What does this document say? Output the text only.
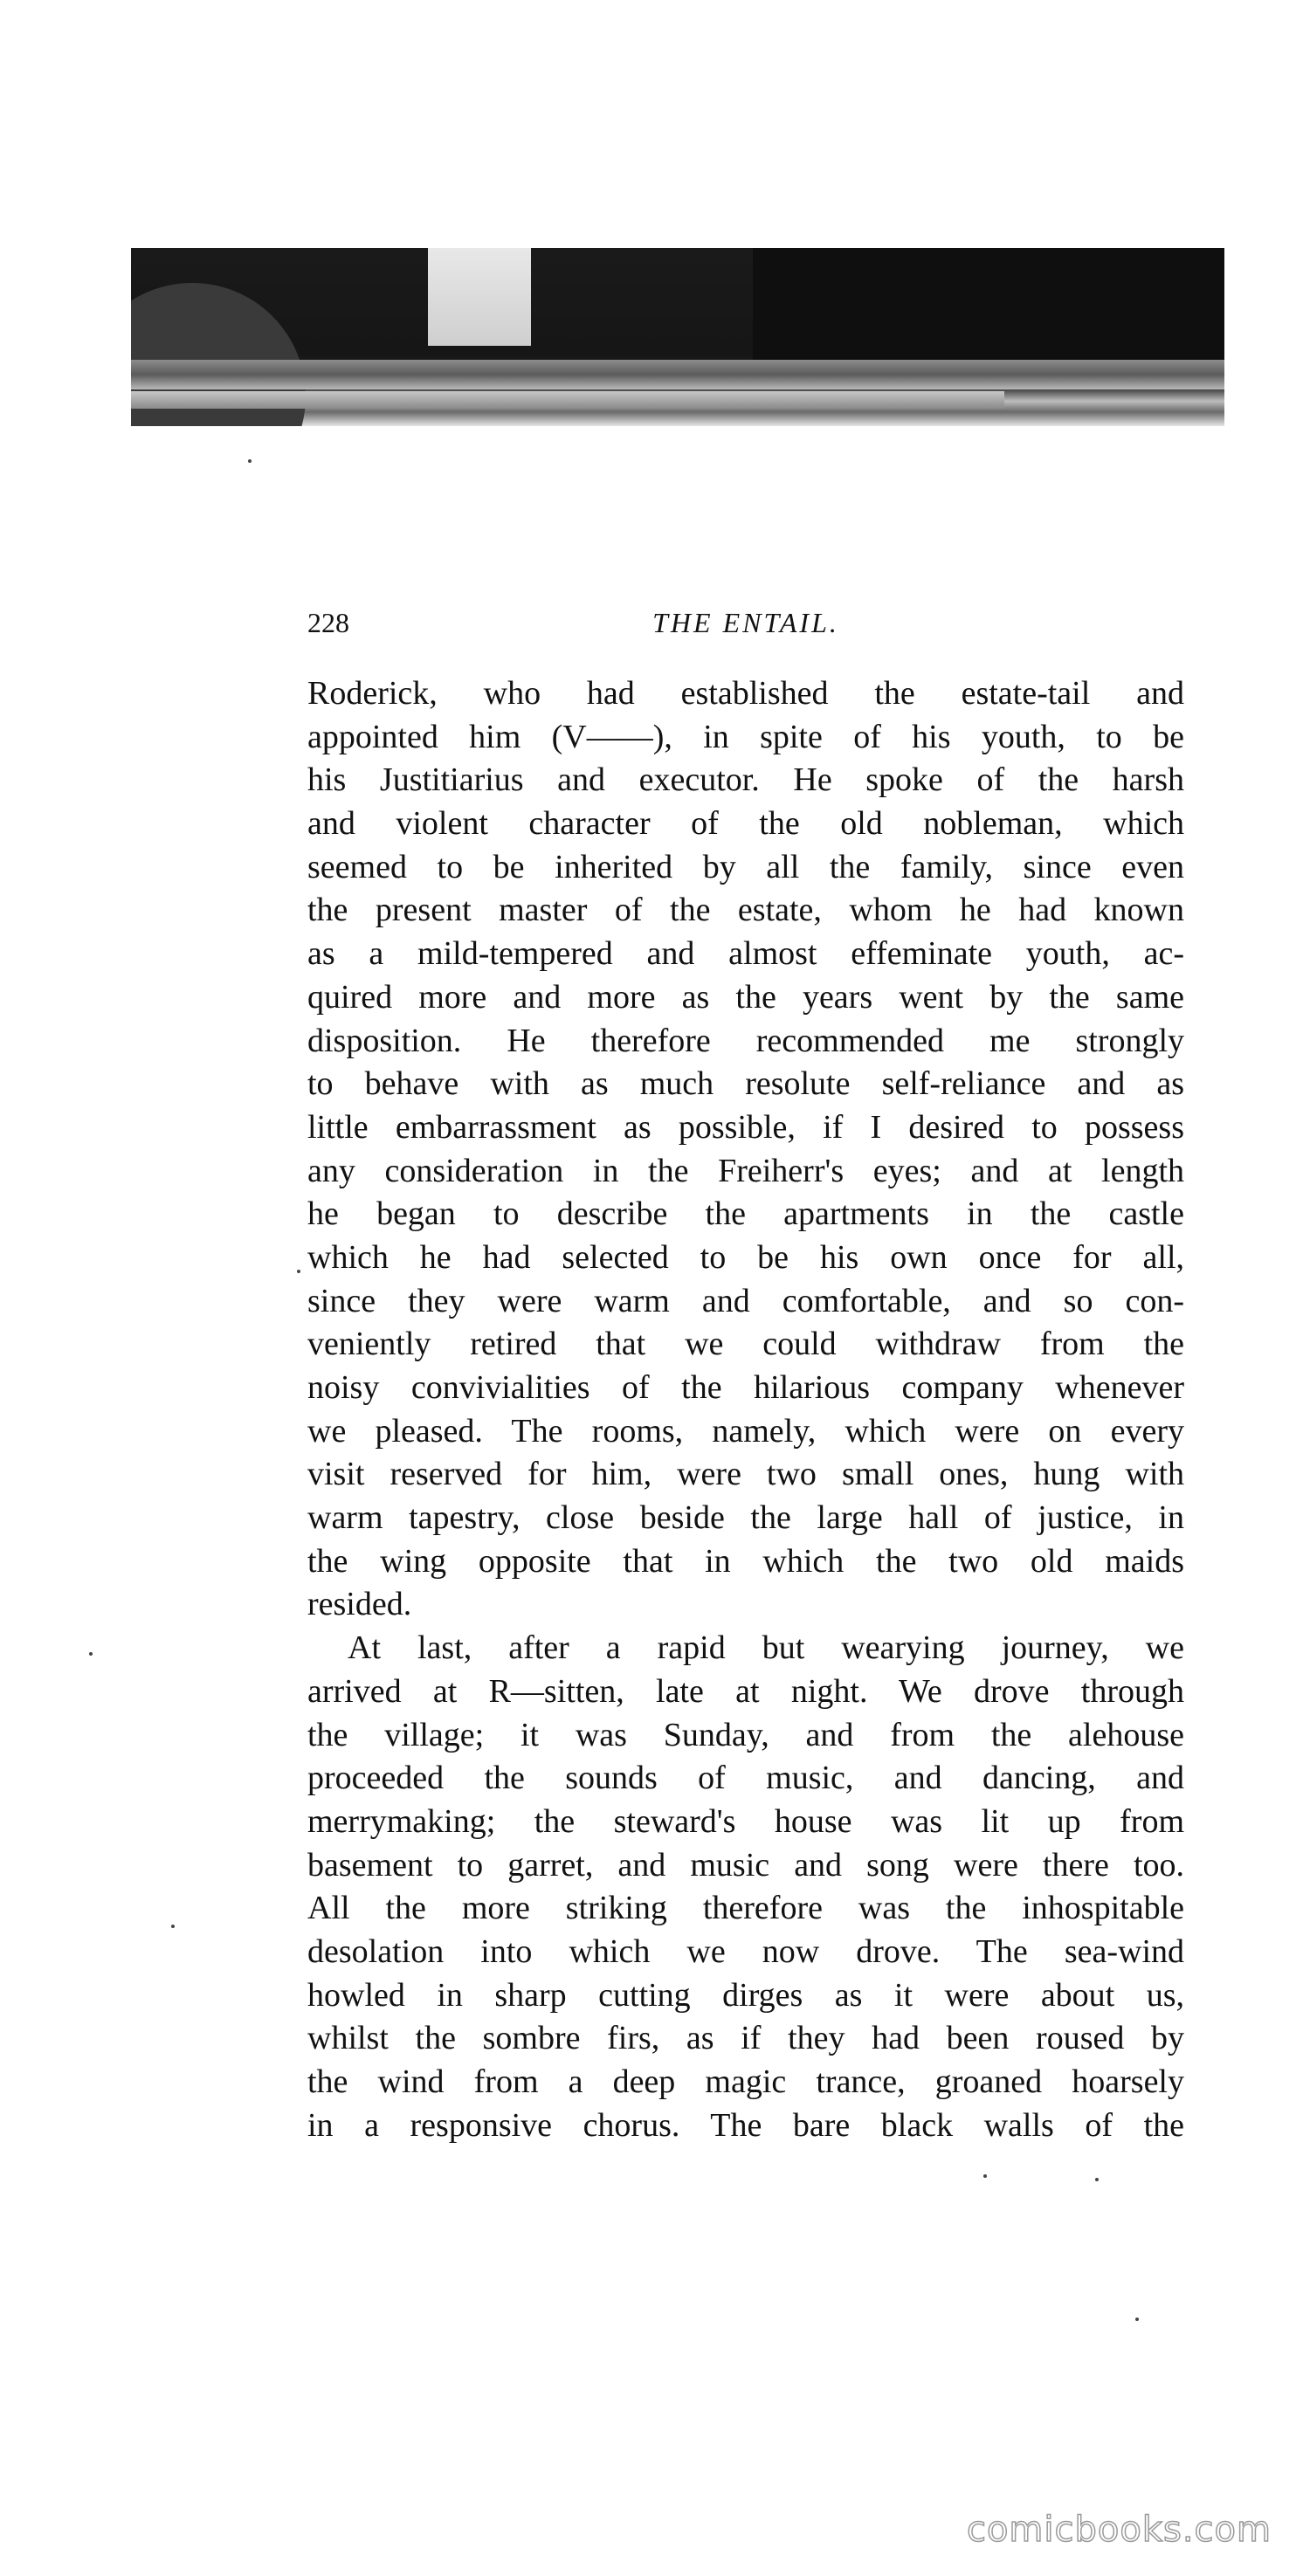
228	THE ENTAIL.
Roderick, who had established the estate-tail and
appointed him (V——), in spite of his youth, to be
his Justitiarius and executor. He spoke of the harsh
and violent character of the old nobleman, which
seemed to be inherited by all the family, since even
the present master of the estate, whom he had known
as a mild-tempered and almost effeminate youth, ac-
quired more and more as the years went by the same
disposition. He therefore recommended me strongly
to behave with as much resolute self-reliance and as
little embarrassment as possible, if I desired to possess
any consideration in the Freiherr's eyes; and at length
he began to describe the apartments in the castle
which he had selected to be his own once for all,
since they were warm and comfortable, and so con-
veniently retired that we could withdraw from the
noisy convivialities of the hilarious company whenever
we pleased. The rooms, namely, which were on every
visit reserved for him, were two small ones, hung with
warm tapestry, close beside the large hall of justice, in
the wing opposite that in which the two old maids
resided.
At last, after a rapid but wearying journey, we
arrived at R—sitten, late at night. We drove through
the village; it was Sunday, and from the alehouse
proceeded the sounds of music, and dancing, and
merrymaking; the steward's house was lit up from
basement to garret, and music and song were there too.
All the more striking therefore was the inhospitable
desolation into which we now drove. The sea-wind
howled in sharp cutting dirges as it were about us,
whilst the sombre firs, as if they had been roused by
the wind from a deep magic trance, groaned hoarsely
in a responsive chorus. The bare black walls of the
comicbooks.com
